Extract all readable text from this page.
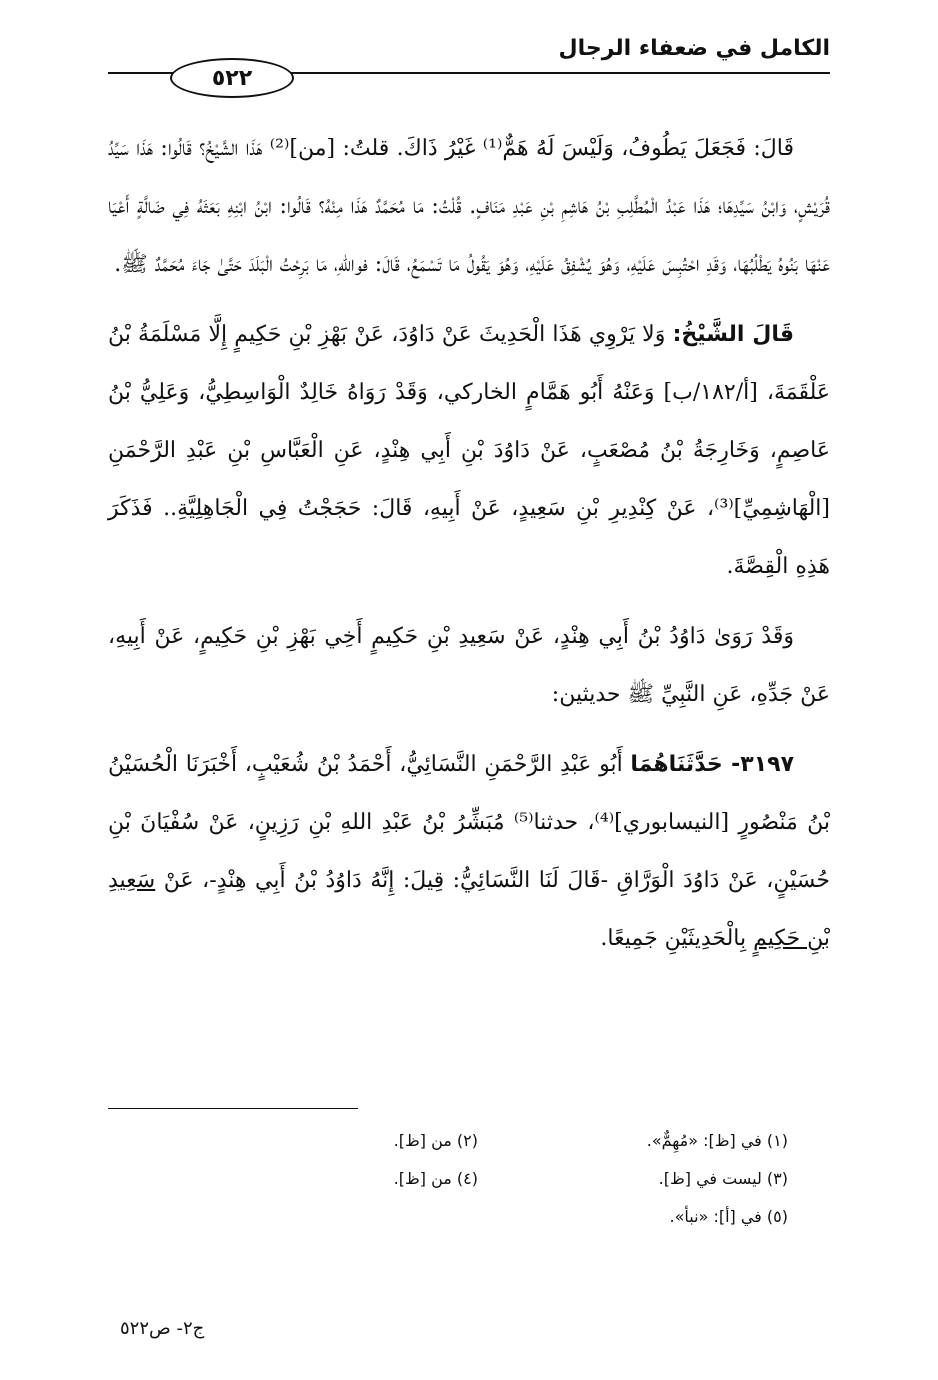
الكامل في ضعفاء الرجال
٥٢٢

قَالَ: فَجَعَلَ يَطُوفُ، وَلَيْسَ لَهُ هَمٌّ⁽¹⁾ غَيْرُ ذَاكَ. قلتُ: [من]⁽²⁾ هَذَا الشَّيْخُ؟ قَالُوا: هَذَا سَيِّدُ قُرَيْشٍ، وَابْنُ سَيِّدِهَا؛ هَذَا عَبْدُ الْمُطَّلِبِ بْنُ هَاشِمِ بْنِ عَبْدِ مَنَافٍ. قُلْتُ: مَا مُحَمَّدٌ هَذَا مِنْهُ؟ قَالُوا: ابْنُ ابْنِهِ بَعَثَهُ فِي ضَالَّةٍ أَعْيَا عَنْهَا بَنُوهُ يَطْلُبُهَا، وَقَدِ احْتُبِسَ عَلَيْهِ، وَهُوَ يُشْفِقُ عَلَيْهِ، وَهُوَ يَقُولُ مَا تَسْمَعُ، قَالَ: فواللهِ، مَا بَرِحْتُ الْبَلَدَ حَتَّىٰ جَاءَ مُحَمَّدٌ ﷺ.

قَالَ الشَّيْخُ: وَلا يَرْوِي هَذَا الْحَدِيثَ عَنْ دَاوُدَ، عَنْ بَهْزِ بْنِ حَكِيمٍ إِلَّا مَسْلَمَةُ بْنُ عَلْقَمَةَ، [أ/١٨٢/ب] وَعَنْهُ أَبُو هَمَّامٍ الخاركي، وَقَدْ رَوَاهُ خَالِدٌ الْوَاسِطِيُّ، وَعَلِيُّ بْنُ عَاصِمٍ، وَخَارِجَةُ بْنُ مُصْعَبٍ، عَنْ دَاوُدَ بْنِ أَبِي هِنْدٍ، عَنِ الْعَبَّاسِ بْنِ عَبْدِ الرَّحْمَنِ [الْهَاشِمِيِّ]⁽³⁾، عَنْ كِنْدِيرِ بْنِ سَعِيدٍ، عَنْ أَبِيهِ، قَالَ: حَجَجْتُ فِي الْجَاهِلِيَّةِ.. فَذَكَرَ هَذِهِ الْقِصَّةَ.

وَقَدْ رَوَىٰ دَاوُدُ بْنُ أَبِي هِنْدٍ، عَنْ سَعِيدِ بْنِ حَكِيمٍ أَخِي بَهْزِ بْنِ حَكِيمٍ، عَنْ أَبِيهِ، عَنْ جَدِّهِ، عَنِ النَّبِيِّ ﷺ حديثين:

٣١٩٧- حَدَّثَنَاهُمَا أَبُو عَبْدِ الرَّحْمَنِ النَّسَائِيُّ، أَحْمَدُ بْنُ شُعَيْبٍ، أَخْبَرَنَا الْحُسَيْنُ بْنُ مَنْصُورٍ [النيسابوري]⁽⁴⁾، حدثنا⁽⁵⁾ مُبَشِّرُ بْنُ عَبْدِ اللهِ بْنِ رَزِينٍ، عَنْ سُفْيَانَ بْنِ حُسَيْنٍ، عَنْ دَاوُدَ الْوَرَّاقِ -قَالَ لَنَا النَّسَائِيُّ: قِيلَ: إِنَّهُ دَاوُدُ بْنُ أَبِي هِنْدٍ-، عَنْ سَعِيدِ بْنِ حَكِيمٍ بِالْحَدِيثَيْنِ جَمِيعًا.

(١) في [ظ]: «مُهِمٌّ».
(٢) من [ظ].
(٣) ليست في [ظ].
(٤) من [ظ].
(٥) في [أ]: «نبأ».
ج٢- ص٥٢٢
